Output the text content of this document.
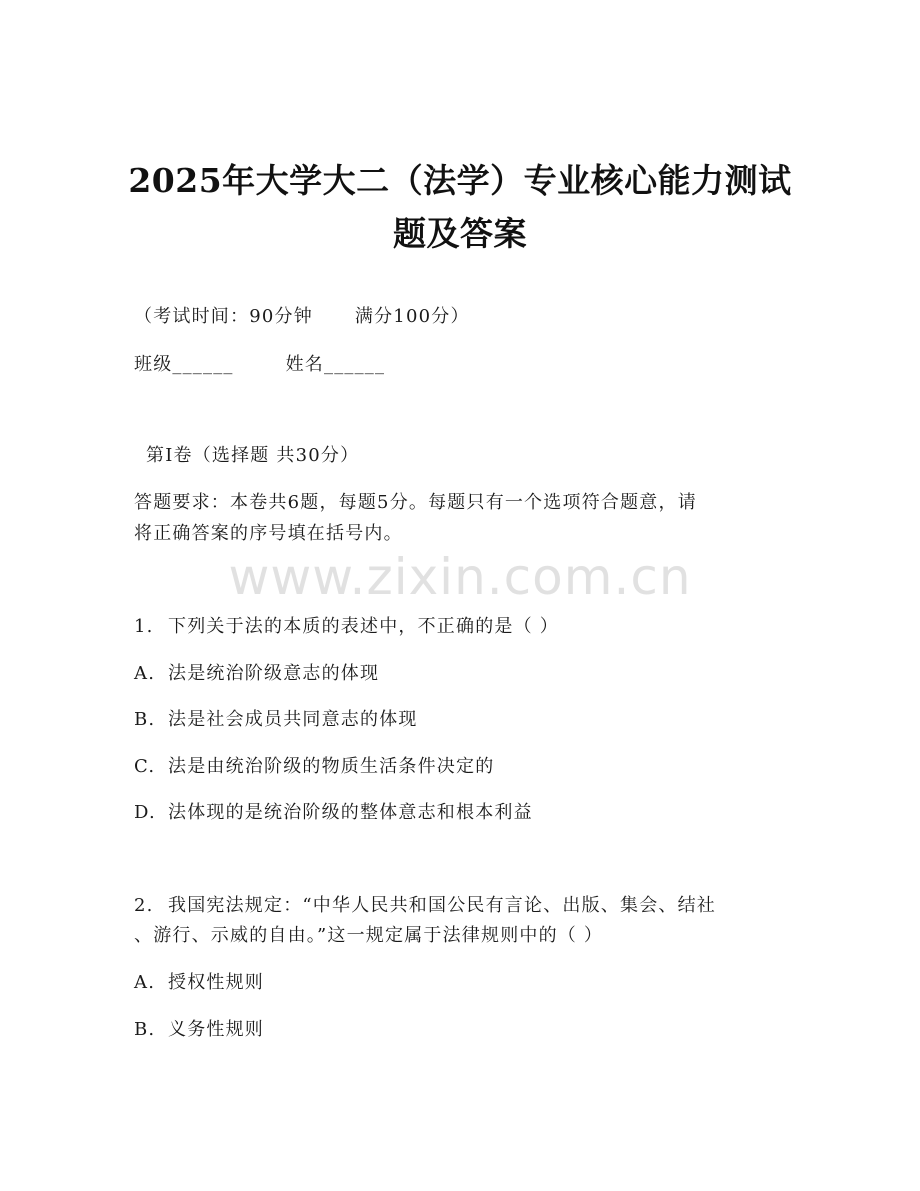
www.zixin.com.cn
2025年大学大二（法学）专业核心能力测试
题及答案
（考试时间：90分钟 满分100分）
班级______	姓名______
第I卷（选择题 共30分）
答题要求：本卷共6题，每题5分。每题只有一个选项符合题意，请
将正确答案的序号填在括号内。
1. 下列关于法的本质的表述中，不正确的是（ ）
A. 法是统治阶级意志的体现
B. 法是社会成员共同意志的体现
C. 法是由统治阶级的物质生活条件决定的
D. 法体现的是统治阶级的整体意志和根本利益
2. 我国宪法规定：“中华人民共和国公民有言论、出版、集会、结社
、游行、示威的自由。”这一规定属于法律规则中的（ ）
A. 授权性规则
B. 义务性规则
